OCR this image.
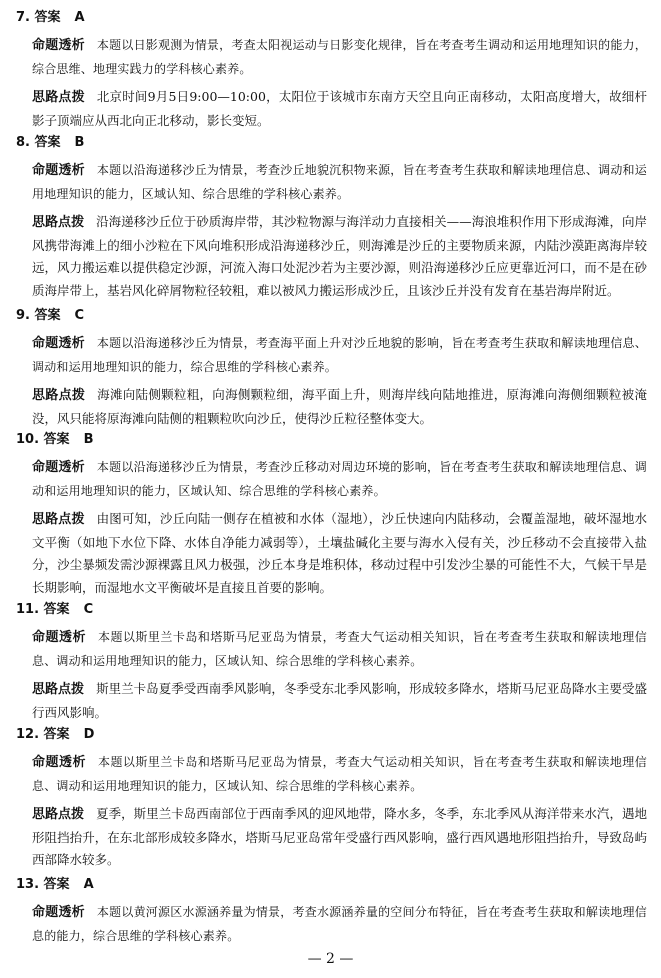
7. 答案 A
命题透析 本题以日影观测为情景，考查太阳视运动与日影变化规律，旨在考查考生调动和运用地理知识的能力，综合思维、地理实践力的学科核心素养。
思路点拨 北京时间9月5日9:00—10:00，太阳位于该城市东南方天空且向正南移动，太阳高度增大，故细杆影子顶端应从西北向正北移动，影长变短。
8. 答案 B
命题透析 本题以沿海递移沙丘为情景，考查沙丘地貌沉积物来源，旨在考查考生获取和解读地理信息、调动和运用地理知识的能力，区域认知、综合思维的学科核心素养。
思路点拨 沿海递移沙丘位于砂质海岸带，其沙粒物源与海洋动力直接相关——海浪堆积作用下形成海滩，向岸风携带海滩上的细小沙粒在下风向堆积形成沿海递移沙丘，则海滩是沙丘的主要物质来源，内陆沙漠距离海岸较远，风力搬运难以提供稳定沙源，河流入海口处泥沙若为主要沙源，则沿海递移沙丘应更靠近河口，而不是在砂质海岸带上，基岩风化碎屑物粒径较粗，难以被风力搬运形成沙丘，且该沙丘并没有发育在基岩海岸附近。
9. 答案 C
命题透析 本题以沿海递移沙丘为情景，考查海平面上升对沙丘地貌的影响，旨在考查考生获取和解读地理信息、调动和运用地理知识的能力，综合思维的学科核心素养。
思路点拨 海滩向陆侧颗粒粗，向海侧颗粒细，海平面上升，则海岸线向陆地推进，原海滩向海侧细颗粒被淹没，风只能将原海滩向陆侧的粗颗粒吹向沙丘，使得沙丘粒径整体变大。
10. 答案 B
命题透析 本题以沿海递移沙丘为情景，考查沙丘移动对周边环境的影响，旨在考查考生获取和解读地理信息、调动和运用地理知识的能力，区域认知、综合思维的学科核心素养。
思路点拨 由图可知，沙丘向陆一侧存在植被和水体（湿地），沙丘快速向内陆移动，会覆盖湿地，破坏湿地水文平衡（如地下水位下降、水体自净能力减弱等），土壤盐碱化主要与海水入侵有关，沙丘移动不会直接带入盐分，沙尘暴频发需沙源裸露且风力极强，沙丘本身是堆积体，移动过程中引发沙尘暴的可能性不大，气候干旱是长期影响，而湿地水文平衡破坏是直接且首要的影响。
11. 答案 C
命题透析 本题以斯里兰卡岛和塔斯马尼亚岛为情景，考查大气运动相关知识，旨在考查考生获取和解读地理信息、调动和运用地理知识的能力，区域认知、综合思维的学科核心素养。
思路点拨 斯里兰卡岛夏季受西南季风影响，冬季受东北季风影响，形成较多降水，塔斯马尼亚岛降水主要受盛行西风影响。
12. 答案 D
命题透析 本题以斯里兰卡岛和塔斯马尼亚岛为情景，考查大气运动相关知识，旨在考查考生获取和解读地理信息、调动和运用地理知识的能力，区域认知、综合思维的学科核心素养。
思路点拨 夏季，斯里兰卡岛西南部位于西南季风的迎风地带，降水多，冬季，东北季风从海洋带来水汽，遇地形阻挡抬升，在东北部形成较多降水，塔斯马尼亚岛常年受盛行西风影响，盛行西风遇地形阻挡抬升，导致岛屿西部降水较多。
13. 答案 A
命题透析 本题以黄河源区水源涵养量为情景，考查水源涵养量的空间分布特征，旨在考查考生获取和解读地理信息的能力，综合思维的学科核心素养。
— 2 —
